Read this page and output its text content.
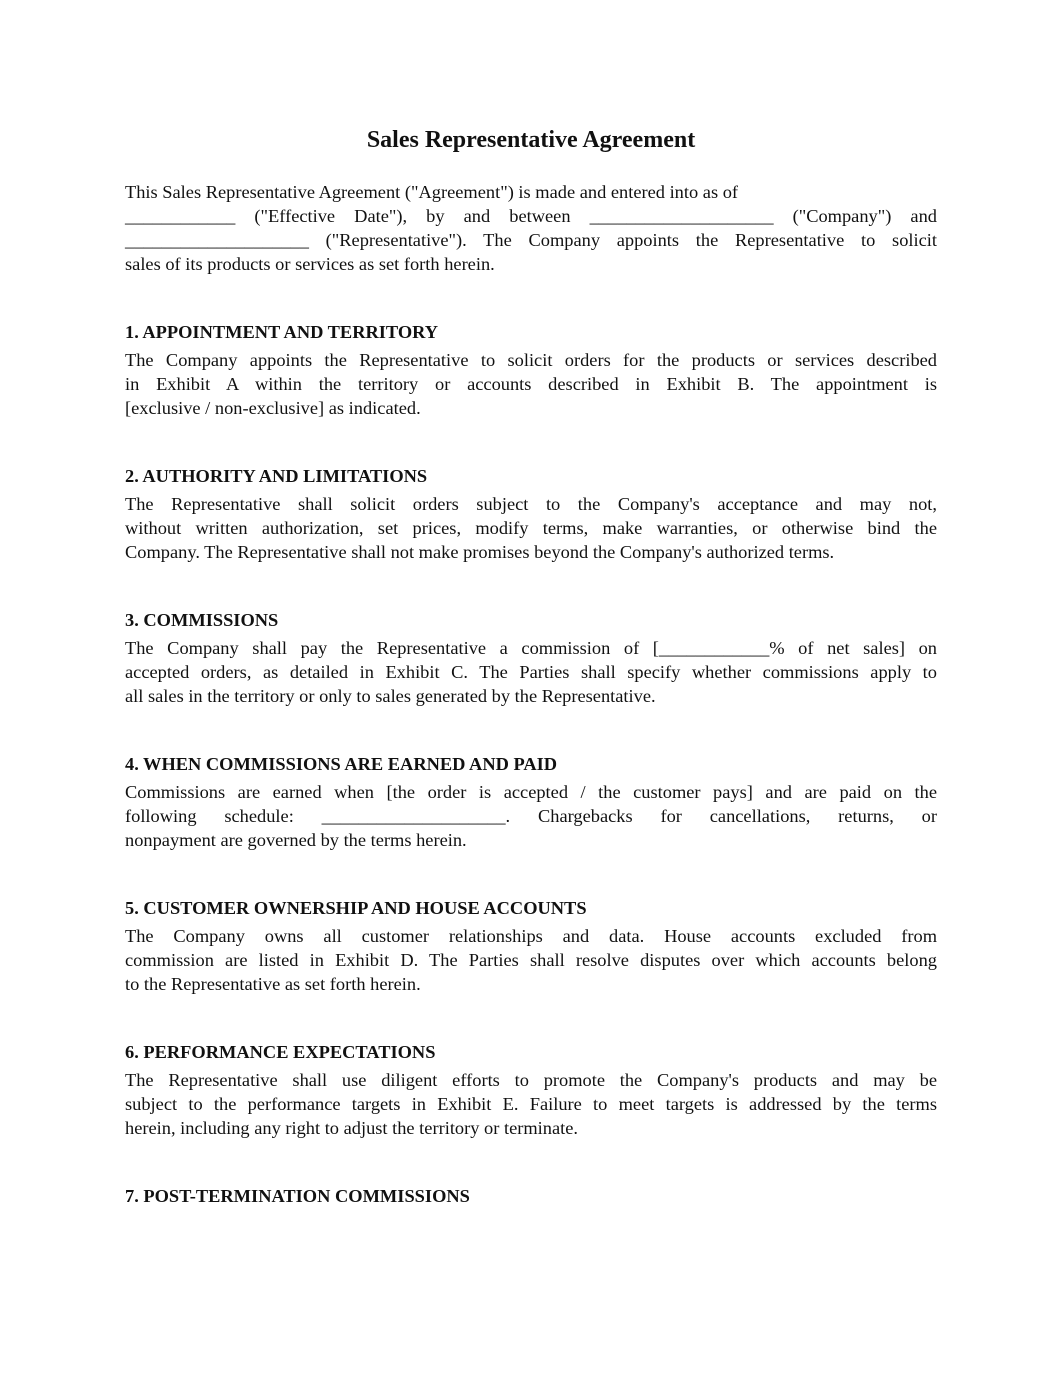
Sales Representative Agreement
This Sales Representative Agreement ("Agreement") is made and entered into as of
____________ ("Effective Date"), by and between ____________________ ("Company") and
____________________ ("Representative"). The Company appoints the Representative to solicit
sales of its products or services as set forth herein.
1. APPOINTMENT AND TERRITORY
The Company appoints the Representative to solicit orders for the products or services described
in Exhibit A within the territory or accounts described in Exhibit B. The appointment is
[exclusive / non-exclusive] as indicated.
2. AUTHORITY AND LIMITATIONS
The Representative shall solicit orders subject to the Company's acceptance and may not,
without written authorization, set prices, modify terms, make warranties, or otherwise bind the
Company. The Representative shall not make promises beyond the Company's authorized terms.
3. COMMISSIONS
The Company shall pay the Representative a commission of [____________% of net sales] on
accepted orders, as detailed in Exhibit C. The Parties shall specify whether commissions apply to
all sales in the territory or only to sales generated by the Representative.
4. WHEN COMMISSIONS ARE EARNED AND PAID
Commissions are earned when [the order is accepted / the customer pays] and are paid on the
following schedule: ____________________. Chargebacks for cancellations, returns, or
nonpayment are governed by the terms herein.
5. CUSTOMER OWNERSHIP AND HOUSE ACCOUNTS
The Company owns all customer relationships and data. House accounts excluded from
commission are listed in Exhibit D. The Parties shall resolve disputes over which accounts belong
to the Representative as set forth herein.
6. PERFORMANCE EXPECTATIONS
The Representative shall use diligent efforts to promote the Company's products and may be
subject to the performance targets in Exhibit E. Failure to meet targets is addressed by the terms
herein, including any right to adjust the territory or terminate.
7. POST-TERMINATION COMMISSIONS
